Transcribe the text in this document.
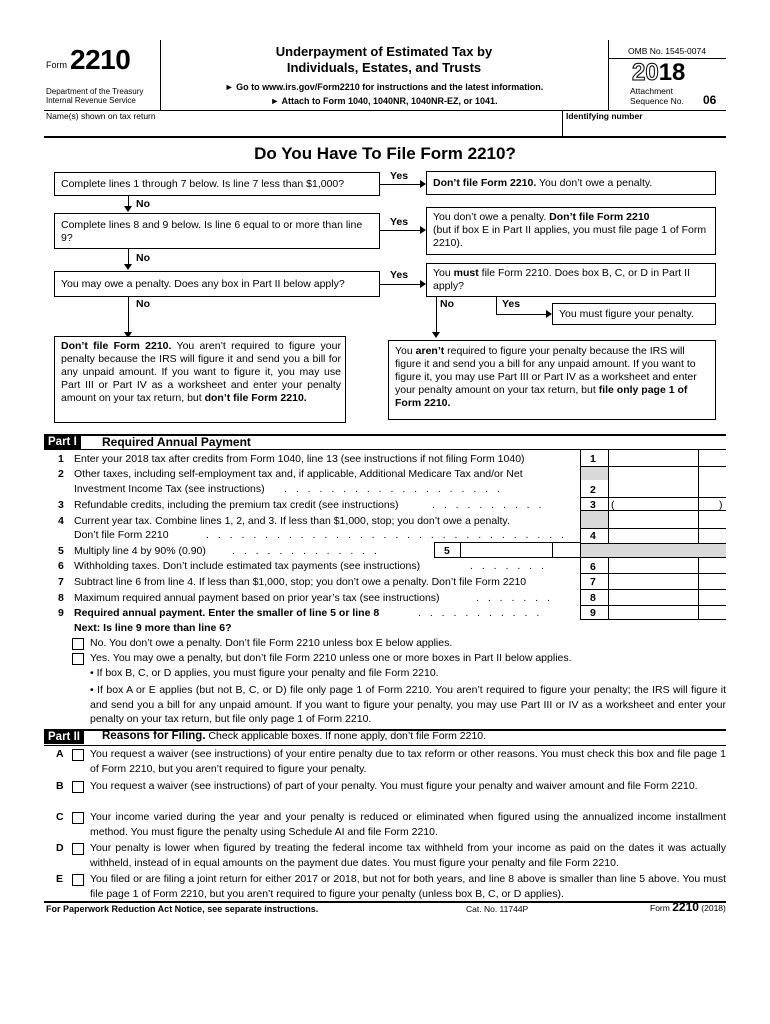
Form 2210
Department of the Treasury
Internal Revenue Service
Underpayment of Estimated Tax by
Individuals, Estates, and Trusts
► Go to www.irs.gov/Form2210 for instructions and the latest information.
► Attach to Form 1040, 1040NR, 1040NR-EZ, or 1041.
OMB No. 1545-0074
2018
Attachment
Sequence No. 06
Name(s) shown on tax return	Identifying number
Do You Have To File Form 2210?
Complete lines 1 through 7 below. Is line 7 less than $1,000?
Yes
Don’t file Form 2210. You don’t owe a penalty.
No
Complete lines 8 and 9 below. Is line 6 equal to or more than line 9?
Yes You don’t owe a penalty. Don’t file Form 2210
(but if box E in Part II applies, you must file page 1 of Form 2210).
No
You may owe a penalty. Does any box in Part II below apply?
Yes You must file Form 2210. Does box B, C, or D in Part II apply?
No	No	Yes
You must figure your penalty.
Don’t file Form 2210. You aren’t required to figure your penalty because the IRS will figure it and send you a bill for any unpaid amount. If you want to figure it, you may use Part III or Part IV as a worksheet and enter your penalty amount on your tax return, but don’t file Form 2210.
You aren’t required to figure your penalty because the IRS will figure it and send you a bill for any unpaid amount. If you want to figure it, you may use Part III or Part IV as a worksheet and enter your penalty amount on your tax return, but file only page 1 of Form 2210.
Part I	Required Annual Payment
1 Enter your 2018 tax after credits from Form 1040, line 13 (see instructions if not filing Form 1040)	1
2 Other taxes, including self-employment tax and, if applicable, Additional Medicare Tax and/or Net
Investment Income Tax (see instructions) . . . . . . . . . . . . . . . . . . .	2
3 Refundable credits, including the premium tax credit (see instructions)	. . . . . . . . . .	3 (	)
4 Current year tax. Combine lines 1, 2, and 3. If less than $1,000, stop; you don’t owe a penalty.
Don’t file Form 2210	. . . . . . . . . . . . . . . . . . . . . . . . . . . . . . . 4
5 Multiply line 4 by 90% (0.90) . . . . . . . . . . . . .	5
6 Withholding taxes. Don’t include estimated tax payments (see instructions)	. . . . . . .	6
7 Subtract line 6 from line 4. If less than $1,000, stop; you don’t owe a penalty. Don’t file Form 2210	7
8 Maximum required annual payment based on prior year’s tax (see instructions)	. . . . . . .	8
9 Required annual payment. Enter the smaller of line 5 or line 8	. . . . . . . . . . .	9
Next: Is line 9 more than line 6?
No. You don’t owe a penalty. Don’t file Form 2210 unless box E below applies.
Yes. You may owe a penalty, but don’t file Form 2210 unless one or more boxes in Part II below applies.
• If box B, C, or D applies, you must figure your penalty and file Form 2210.
• If box A or E applies (but not B, C, or D) file only page 1 of Form 2210. You aren’t required to figure your penalty; the IRS will figure it and send you a bill for any unpaid amount. If you want to figure your penalty, you may use Part III or IV as a worksheet and enter your penalty on your tax return, but file only page 1 of Form 2210.
Part II	Reasons for Filing. Check applicable boxes. If none apply, don’t file Form 2210.
A	You request a waiver (see instructions) of your entire penalty due to tax reform or other reasons. You must check this box and file page 1 of Form 2210, but you aren’t required to figure your penalty.
B	You request a waiver (see instructions) of part of your penalty. You must figure your penalty and waiver amount and file Form 2210.
C	Your income varied during the year and your penalty is reduced or eliminated when figured using the annualized income installment method. You must figure the penalty using Schedule AI and file Form 2210.
D	Your penalty is lower when figured by treating the federal income tax withheld from your income as paid on the dates it was actually withheld, instead of in equal amounts on the payment due dates. You must figure your penalty and file Form 2210.
E	You filed or are filing a joint return for either 2017 or 2018, but not for both years, and line 8 above is smaller than line 5 above. You must file page 1 of Form 2210, but you aren’t required to figure your penalty (unless box B, C, or D applies).
For Paperwork Reduction Act Notice, see separate instructions.	Cat. No. 11744P	Form 2210 (2018)
